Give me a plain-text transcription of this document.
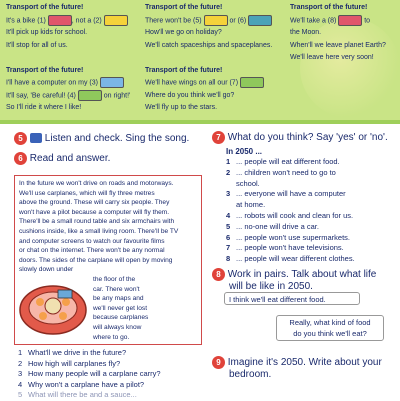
Transport of the future!
It's a bike (1)	, not a (2)
It'll pick up kids for school.
It'll stop for all of us.
Transport of the future!
I'll have a computer on my (3)
It'll say, 'Be careful! (4)	on right!'
So I'll ride it where I like!
Transport of the future!
There won't be (5)	or (6)
How'll we go on holiday?
We'll catch spaceships and spaceplanes.
Transport of the future!
We'll have wings on all our (7)
Where do you think we'll go?
We'll fly up to the stars.
Transport of the future!
We'll take a (8)	to
the Moon.
When'll we leave planet Earth?
We'll leave here very soon!
5 Listen and check. Sing the song.
6 Read and answer.
In the future we won't drive on roads and motorways.
We'll use carplanes, which will fly three metres
above the ground. These will carry six people. They
won't have a pilot because a computer will fly them.
There'll be a small round table and six armchairs with
cushions inside, like a small living room. There'll be TV
and computer screens to watch our favourite films
or chat on the internet. There won't be any normal
doors. The sides of the carplane will open by moving
slowly down under
the floor of the
car. There won't
be any maps and
we'll never get lost
because carplanes
will always know
where to go.
1 What'll we drive in the future?
2 How high will carplanes fly?
3 How many people will a carplane carry?
4 Why won't a carplane have a pilot?
5 What will there be and a sauce...
7 What do you think? Say 'yes' or 'no'.
In 2050 ...
1 ... people will eat different food.
2 ... children won't need to go to
school.
3 ... everyone will have a computer
at home.
4 ... robots will cook and clean for us.
5 ... no-one will drive a car.
6 ... people won't use supermarkets.
7 ... people won't have televisions.
8 ... people will wear different clothes.
8 Work in pairs. Talk about what life
will be like in 2050.
I think we'll eat different food.
Really, what kind of food
do you think we'll eat?
9 Imagine it's 2050. Write about your
bedroom.
